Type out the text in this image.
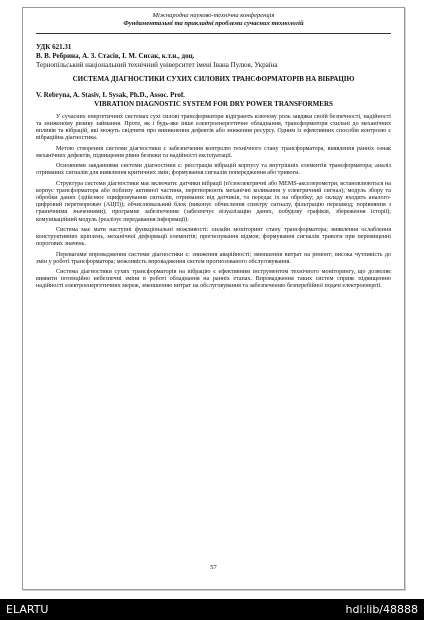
Міжнародна науково-технічна конференція
Фундаментальні та прикладні проблеми сучасних технологій
УДК 621.31
В. В. Ребрина, А. З. Стасів, І. М. Сисак, к.т.н., доц.
Тернопільський національний технічний університет імені Івана Пулюя, Україна
СИСТЕМА ДІАГНОСТИКИ СУХИХ СИЛОВИХ ТРАНСФОРМАТОРІВ НА ВІБРАЦІЮ
V. Rebryna, A. Stasiv, I. Sysak, Ph.D., Assoc. Prof.
VIBRATION DIAGNOSTIC SYSTEM FOR DRY POWER TRANSFORMERS

У сучасних енергетичних системах сухі силові трансформатори відіграють ключову роль завдяки своїй безпечності, надійності та зниженому ризику займання. Проте, як і будь-яке інше електроенергетичне обладнання, трансформатори схильні до механічних впливів та вібрацій, які можуть свідчити про виникнення дефектів або зниження ресурсу. Одним із ефективних способів контролю є вібраційна діагностика.

Метою створення системи діагностики є забезпечення контролю технічного стану трансформатора, виявлення ранніх ознак механічних дефектів, підвищення рівня безпеки та надійності експлуатації.

Основними завданнями системи діагностики є: реєстрація вібрацій корпусу та внутрішніх елементів трансформатора; аналіз отриманих сигналів для виявлення критичних змін; формування сигналів попередження або тривоги.

Структура системи діагностики має включати: датчики вібрації (п'єзоелектричні або MEMS-акселерометри, встановлюються на корпус трансформатора або поблизу активної частини, перетворюють механічні коливання у електричний сигнал); модуль збору та обробки даних (здійснює оцифровування сигналів, отриманих від датчиків, та передає їх на обробку; до складу входить аналого-цифровий перетворювач (АЦП)); обчислювальний блок (виконує обчислення спектру сигналу, фільтрацію перешкод; порівняння з граничними значеннями); програмне забезпечення (забезпечує візуалізацію даних, побудову графіків, збереження історії); комунікаційний модуль (реалізує передавання інформації).

Система має мати наступні функціональні можливості: онлайн моніторинг стану трансформатора; виявлення ослаблення конструктивних кріплень, механічної деформації елементів; прогнозування відмов; формування сигналів тривоги при перевищенні порогових значень.

Перевагами впровадження системи діагностики є: зниження аварійності; зменшення витрат на ремонт; висока чутливість до змін у роботі трансформатора; можливість впровадження систем прогнозованого обслуговування.

Система діагностики сухих трансформаторів на вібрацію є ефективним інструментом технічного моніторингу, що дозволяє виявити потенційно небезпечні зміни в роботі обладнання на ранніх етапах. Впровадження таких систем сприяє підвищенню надійності електроенергетичних мереж, зменшенню витрат на обслуговування та забезпеченню безперебійної подачі електроенергії.

57
ELARTU	hdl:lib/48888
